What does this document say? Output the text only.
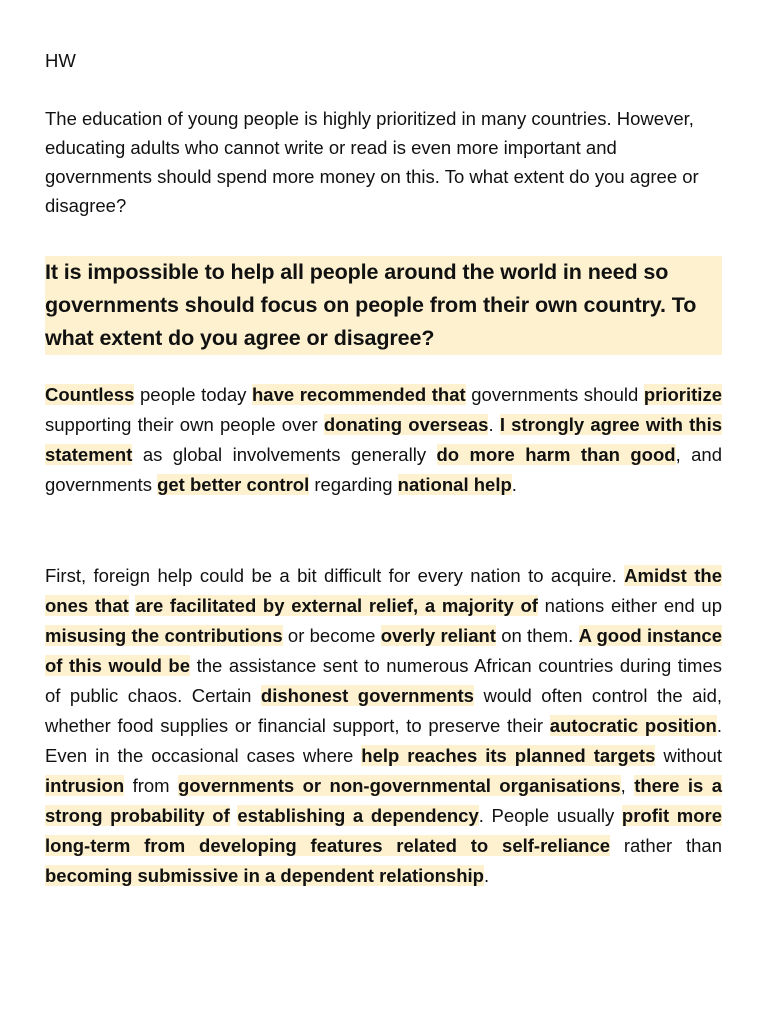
HW

The education of young people is highly prioritized in many countries. However, educating adults who cannot write or read is even more important and governments should spend more money on this. To what extent do you agree or disagree?

It is impossible to help all people around the world in need so governments should focus on people from their own country. To what extent do you agree or disagree?

Countless people today have recommended that governments should prioritize supporting their own people over donating overseas. I strongly agree with this statement as global involvements generally do more harm than good, and governments get better control regarding national help.

First, foreign help could be a bit difficult for every nation to acquire. Amidst the ones that are facilitated by external relief, a majority of nations either end up misusing the contributions or become overly reliant on them. A good instance of this would be the assistance sent to numerous African countries during times of public chaos. Certain dishonest governments would often control the aid, whether food supplies or financial support, to preserve their autocratic position. Even in the occasional cases where help reaches its planned targets without intrusion from governments or non-governmental organisations, there is a strong probability of establishing a dependency. People usually profit more long-term from developing features related to self-reliance rather than becoming submissive in a dependent relationship.
